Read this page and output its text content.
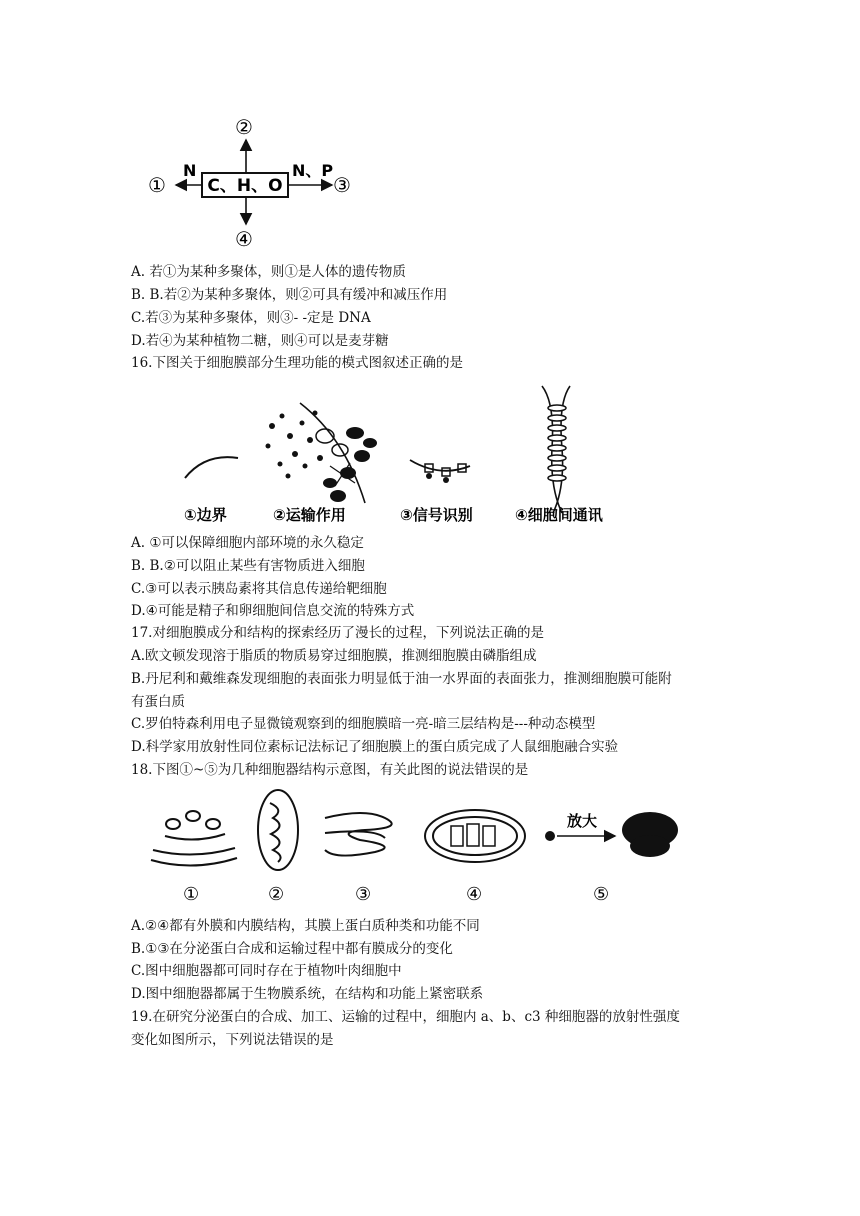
C、H、O
N	N、P
①
②
③
④
A. 若①为某种多聚体，则①是人体的遗传物质
B. B.若②为某种多聚体，则②可具有缓冲和减压作用
C.若③为某种多聚体，则③- -定是 DNA
D.若④为某种植物二糖，则④可以是麦芽糖
16.下图关于细胞膜部分生理功能的模式图叙述正确的是
①边界	②运输作用	③信号识别	④细胞间通讯
A. ①可以保障细胞内部环境的永久稳定
B. B.②可以阻止某些有害物质进入细胞
C.③可以表示胰岛素将其信息传递给靶细胞
D.④可能是精子和卵细胞间信息交流的特殊方式
17.对细胞膜成分和结构的探索经历了漫长的过程，下列说法正确的是
A.欧文顿发现溶于脂质的物质易穿过细胞膜，推测细胞膜由磷脂组成
B.丹尼利和戴维森发现细胞的表面张力明显低于油一水界面的表面张力，推测细胞膜可能附
有蛋白质
C.罗伯特森利用电子显微镜观察到的细胞膜暗一亮-暗三层结构是---种动态模型
D.科学家用放射性同位素标记法标记了细胞膜上的蛋白质完成了人鼠细胞融合实验
18.下图①~⑤为几种细胞器结构示意图，有关此图的说法错误的是
放大
①	②	③	④	⑤
A.②④都有外膜和内膜结构，其膜上蛋白质种类和功能不同
B.①③在分泌蛋白合成和运输过程中都有膜成分的变化
C.图中细胞器都可同时存在于植物叶肉细胞中
D.图中细胞器都属于生物膜系统，在结构和功能上紧密联系
19.在研究分泌蛋白的合成、加工、运输的过程中，细胞内 a、b、c3 种细胞器的放射性强度
变化如图所示，下列说法错误的是
